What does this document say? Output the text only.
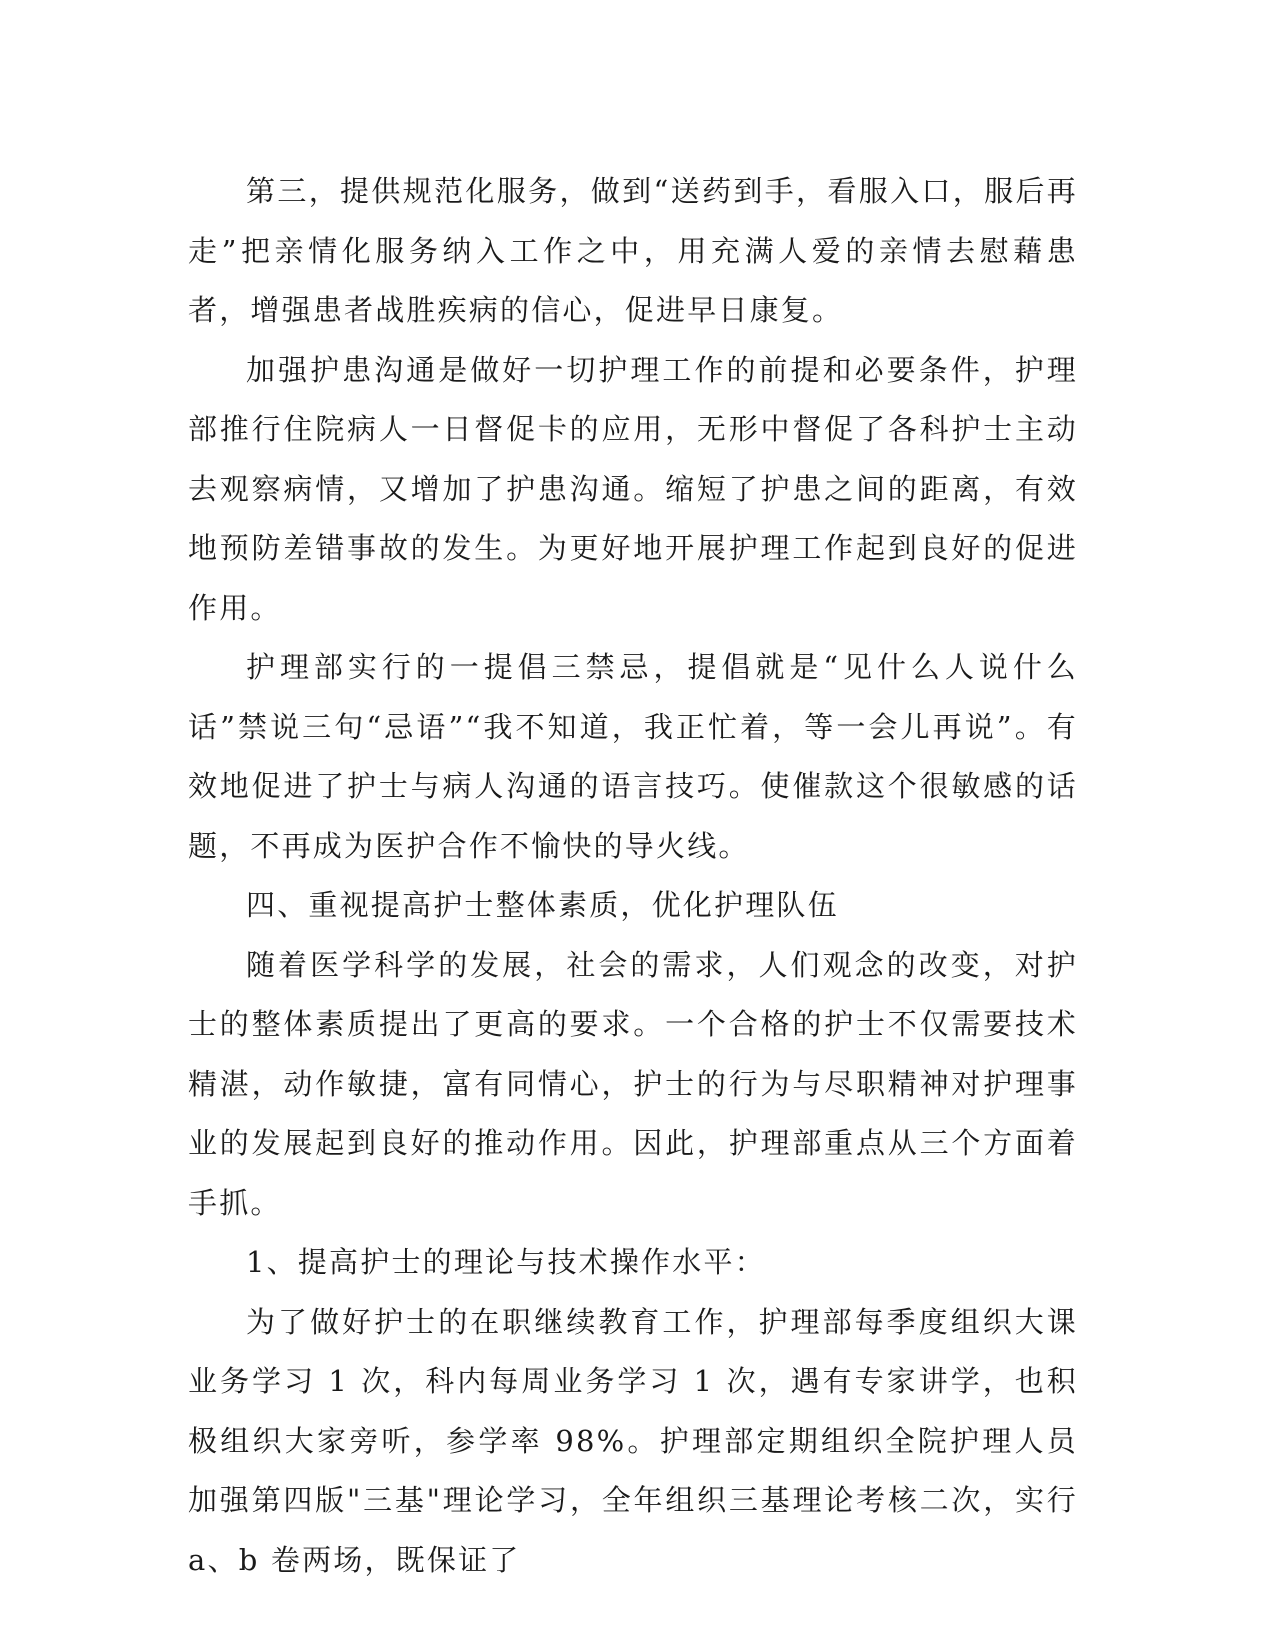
第三，提供规范化服务，做到“送药到手，看服入口，服后再走”把亲情化服务纳入工作之中，用充满人爱的亲情去慰藉患者，增强患者战胜疾病的信心，促进早日康复。

加强护患沟通是做好一切护理工作的前提和必要条件，护理部推行住院病人一日督促卡的应用，无形中督促了各科护士主动去观察病情，又增加了护患沟通。缩短了护患之间的距离，有效地预防差错事故的发生。为更好地开展护理工作起到良好的促进作用。

护理部实行的一提倡三禁忌，提倡就是“见什么人说什么话”禁说三句“忌语”“我不知道，我正忙着，等一会儿再说”。有效地促进了护士与病人沟通的语言技巧。使催款这个很敏感的话题，不再成为医护合作不愉快的导火线。

四、重视提高护士整体素质，优化护理队伍

随着医学科学的发展，社会的需求，人们观念的改变，对护士的整体素质提出了更高的要求。一个合格的护士不仅需要技术精湛，动作敏捷，富有同情心，护士的行为与尽职精神对护理事业的发展起到良好的推动作用。因此，护理部重点从三个方面着手抓。

1、提高护士的理论与技术操作水平：

为了做好护士的在职继续教育工作，护理部每季度组织大课业务学习 1 次，科内每周业务学习 1 次，遇有专家讲学，也积极组织大家旁听，参学率 98%。护理部定期组织全院护理人员加强第四版"三基"理论学习，全年组织三基理论考核二次，实行 a、b 卷两场，既保证了
